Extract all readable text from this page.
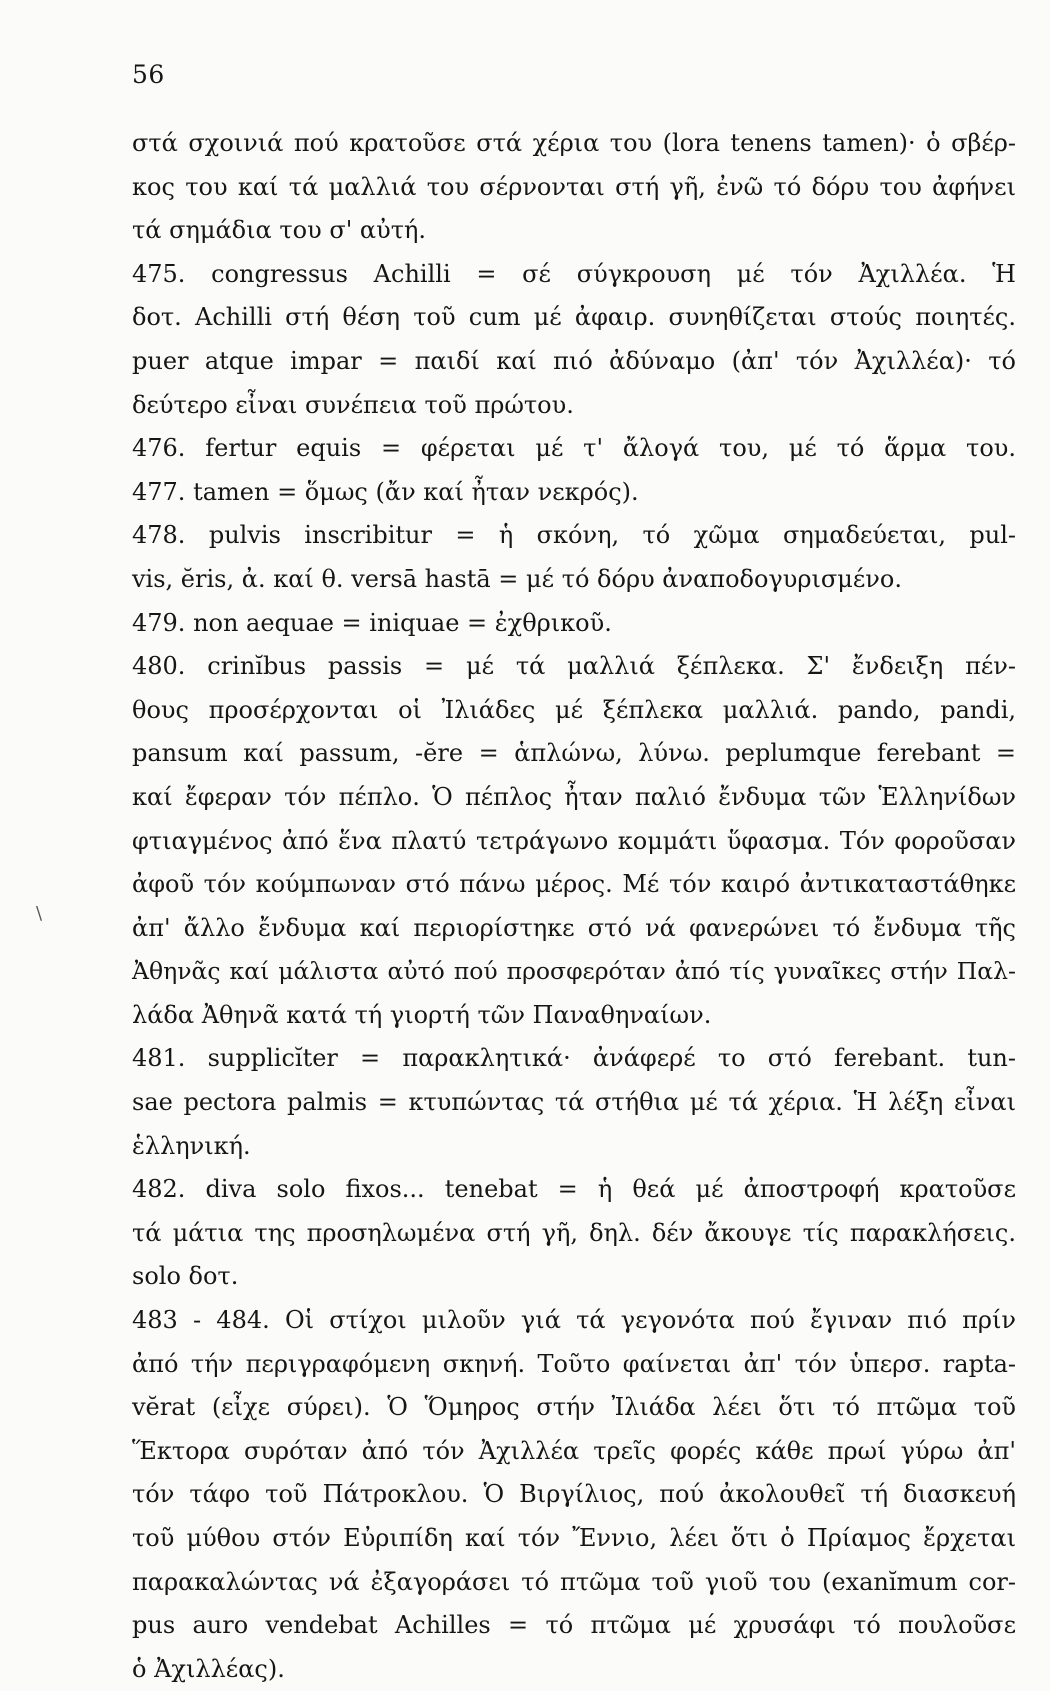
56
\
στά σχοινιά πού κρατοῦσε στά χέρια του (lora tenens tamen)· ὁ σβέρ-
κος του καί τά μαλλιά του σέρνονται στή γῆ, ἐνῶ τό δόρυ του ἀφήνει
τά σημάδια του σ' αὐτή.
475. congressus Achilli = σέ σύγκρουση μέ τόν Ἀχιλλέα. Ἡ
δοτ. Achilli στή θέση τοῦ cum μέ ἀφαιρ. συνηθίζεται στούς ποιητές.
puer atque impar = παιδί καί πιό ἀδύναμο (ἀπ' τόν Ἀχιλλέα)· τό
δεύτερο εἶναι συνέπεια τοῦ πρώτου.
476. fertur equis = φέρεται μέ τ' ἄλογά του, μέ τό ἅρμα του.
477. tamen = ὅμως (ἄν καί ἦταν νεκρός).
478. pulvis inscribitur = ἡ σκόνη, τό χῶμα σημαδεύεται, pul-
vis, ĕris, ἀ. καί θ. versā hastā = μέ τό δόρυ ἀναποδογυρισμένο.
479. non aequae = iniquae = ἐχθρικοῦ.
480. crinĭbus passis = μέ τά μαλλιά ξέπλεκα. Σ' ἔνδειξη πέν-
θους προσέρχονται οἱ Ἰλιάδες μέ ξέπλεκα μαλλιά. pando, pandi,
pansum καί passum, -ĕre = ἁπλώνω, λύνω. peplumque ferebant =
καί ἔφεραν τόν πέπλο. Ὁ πέπλος ἦταν παλιό ἔνδυμα τῶν Ἑλληνίδων
φτιαγμένος ἀπό ἕνα πλατύ τετράγωνο κομμάτι ὕφασμα. Τόν φοροῦσαν
ἀφοῦ τόν κούμπωναν στό πάνω μέρος. Μέ τόν καιρό ἀντικαταστάθηκε
ἀπ' ἄλλο ἔνδυμα καί περιορίστηκε στό νά φανερώνει τό ἔνδυμα τῆς
Ἀθηνᾶς καί μάλιστα αὐτό πού προσφερόταν ἀπό τίς γυναῖκες στήν Παλ-
λάδα Ἀθηνᾶ κατά τή γιορτή τῶν Παναθηναίων.
481. supplicĭter = παρακλητικά· ἀνάφερέ το στό ferebant. tun-
sae pectora palmis = κτυπώντας τά στήθια μέ τά χέρια. Ἡ λέξη εἶναι
ἑλληνική.
482. diva solo fixos... tenebat = ἡ θεά μέ ἀποστροφή κρατοῦσε
τά μάτια της προσηλωμένα στή γῆ, δηλ. δέν ἄκουγε τίς παρακλήσεις.
solo δοτ.
483 - 484. Οἱ στίχοι μιλοῦν γιά τά γεγονότα πού ἔγιναν πιό πρίν
ἀπό τήν περιγραφόμενη σκηνή. Τοῦτο φαίνεται ἀπ' τόν ὑπερσ. rapta-
vĕrat (εἶχε σύρει). Ὁ Ὅμηρος στήν Ἰλιάδα λέει ὅτι τό πτῶμα τοῦ
Ἕκτορα συρόταν ἀπό τόν Ἀχιλλέα τρεῖς φορές κάθε πρωί γύρω ἀπ'
τόν τάφο τοῦ Πάτροκλου. Ὁ Βιργίλιος, πού ἀκολουθεῖ τή διασκευή
τοῦ μύθου στόν Εὐριπίδη καί τόν Ἔννιο, λέει ὅτι ὁ Πρίαμος ἔρχεται
παρακαλώντας νά ἐξαγοράσει τό πτῶμα τοῦ γιοῦ του (exanĭmum cor-
pus auro vendebat Achilles = τό πτῶμα μέ χρυσάφι τό πουλοῦσε
ὁ Ἀχιλλέας).
